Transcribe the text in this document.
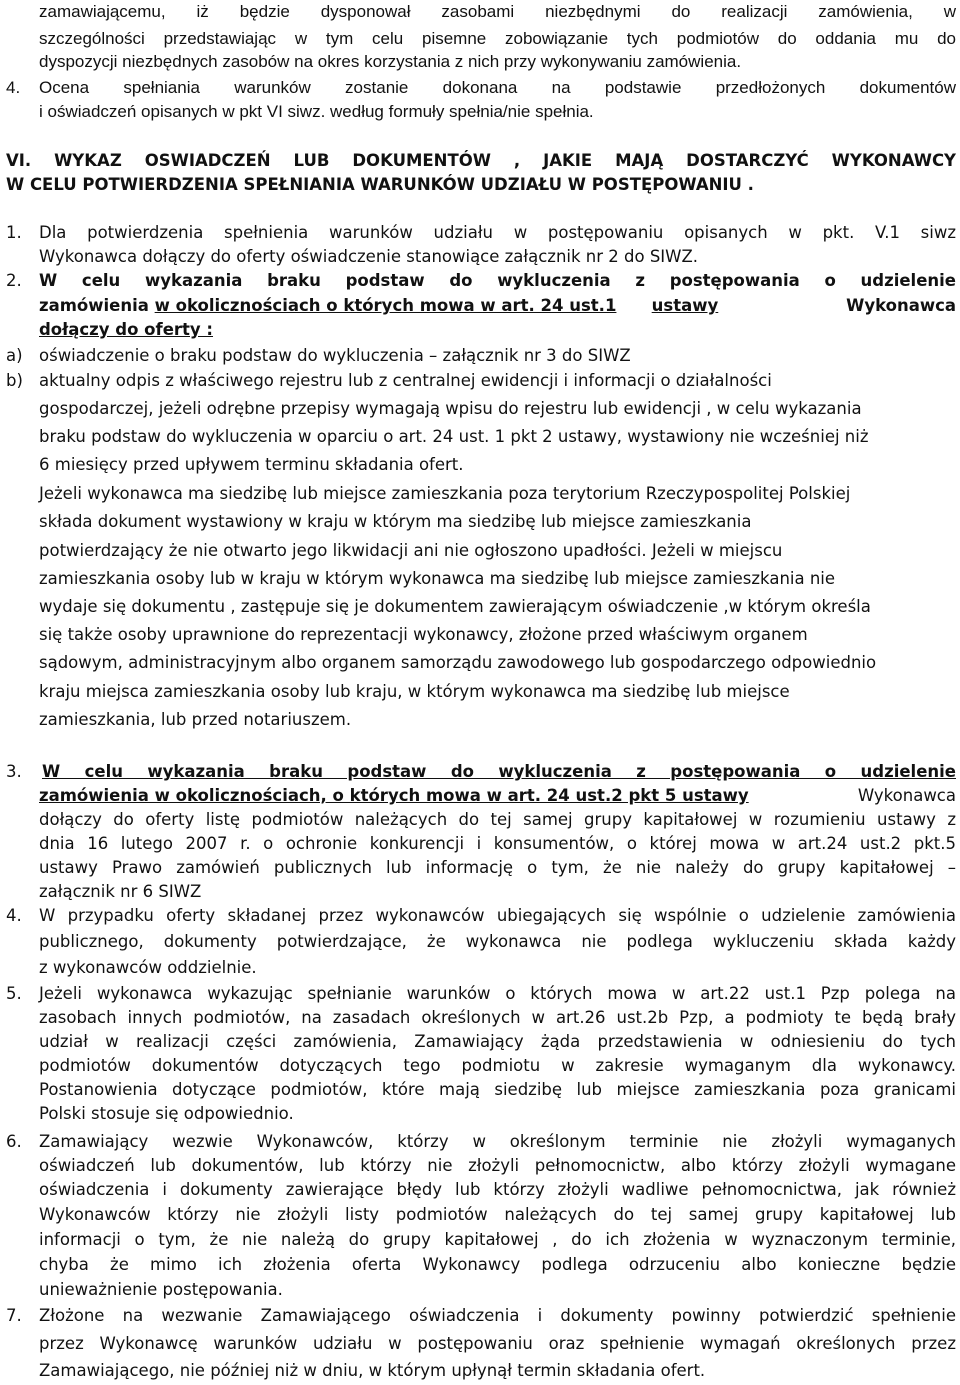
zamawiającemu, iż będzie dysponował zasobami niezbędnymi do realizacji zamówienia, w
szczególności przedstawiając w tym celu pisemne zobowiązanie tych podmiotów do oddania mu do
dyspozycji niezbędnych zasobów na okres korzystania z nich przy wykonywaniu zamówienia.
4. Ocena spełniania warunków zostanie dokonana na podstawie przedłożonych dokumentów
i oświadczeń opisanych w pkt VI siwz. według formuły spełnia/nie spełnia.
VI. WYKAZ OSWIADCZEŃ LUB DOKUMENTÓW , JAKIE MAJĄ DOSTARCZYĆ WYKONAWCY
W CELU POTWIERDZENIA SPEŁNIANIA WARUNKÓW UDZIAŁU W POSTĘPOWANIU .
1. Dla potwierdzenia spełnienia warunków udziału w postępowaniu opisanych w pkt. V.1 siwz
Wykonawca dołączy do oferty oświadczenie stanowiące załącznik nr 2 do SIWZ.
2. W celu wykazania braku podstaw do wykluczenia z postępowania o udzielenie
zamówienia w okolicznościach o których mowa w art. 24 ust.1
ustawy	Wykonawca
dołączy do oferty :
a) oświadczenie o braku podstaw do wykluczenia – załącznik nr 3 do SIWZ
b) aktualny odpis z właściwego rejestru lub z centralnej ewidencji i informacji o działalności
gospodarczej, jeżeli odrębne przepisy wymagają wpisu do rejestru lub ewidencji , w celu wykazania
braku podstaw do wykluczenia w oparciu o art. 24 ust. 1 pkt 2 ustawy, wystawiony nie wcześniej niż
6 miesięcy przed upływem terminu składania ofert.
Jeżeli wykonawca ma siedzibę lub miejsce zamieszkania poza terytorium Rzeczypospolitej Polskiej
składa dokument wystawiony w kraju w którym ma siedzibę lub miejsce zamieszkania
potwierdzający że nie otwarto jego likwidacji ani nie ogłoszono upadłości. Jeżeli w miejscu
zamieszkania osoby lub w kraju w którym wykonawca ma siedzibę lub miejsce zamieszkania nie
wydaje się dokumentu , zastępuje się je dokumentem zawierającym oświadczenie ,w którym określa
się także osoby uprawnione do reprezentacji wykonawcy, złożone przed właściwym organem
sądowym, administracyjnym albo organem samorządu zawodowego lub gospodarczego odpowiednio
kraju miejsca zamieszkania osoby lub kraju, w którym wykonawca ma siedzibę lub miejsce
zamieszkania, lub przed notariuszem.
3. W celu wykazania braku podstaw do wykluczenia z postępowania o udzielenie
zamówienia w okolicznościach, o których mowa w art. 24 ust.2 pkt 5 ustawy	Wykonawca
dołączy do oferty listę podmiotów należących do tej samej grupy kapitałowej w rozumieniu ustawy z
dnia 16 lutego 2007 r. o ochronie konkurencji i konsumentów, o której mowa w art.24 ust.2 pkt.5
ustawy Prawo zamówień publicznych lub informację o tym, że nie należy do grupy kapitałowej –
załącznik nr 6 SIWZ
4. W przypadku oferty składanej przez wykonawców ubiegających się wspólnie o udzielenie zamówienia
publicznego, dokumenty potwierdzające, że wykonawca nie podlega wykluczeniu składa każdy
z wykonawców oddzielnie.
5. Jeżeli wykonawca wykazując spełnianie warunków o których mowa w art.22 ust.1 Pzp polega na
zasobach innych podmiotów, na zasadach określonych w art.26 ust.2b Pzp, a podmioty te będą brały
udział w realizacji części zamówienia, Zamawiający żąda przedstawienia w odniesieniu do tych
podmiotów dokumentów dotyczących tego podmiotu w zakresie wymaganym dla wykonawcy.
Postanowienia dotyczące podmiotów, które mają siedzibę lub miejsce zamieszkania poza granicami
Polski stosuje się odpowiednio.
6. Zamawiający wezwie Wykonawców, którzy w określonym terminie nie złożyli wymaganych
oświadczeń lub dokumentów, lub którzy nie złożyli pełnomocnictw, albo którzy złożyli wymagane
oświadczenia i dokumenty zawierające błędy lub którzy złożyli wadliwe pełnomocnictwa, jak również
Wykonawców którzy nie złożyli listy podmiotów należących do tej samej grupy kapitałowej lub
informacji o tym, że nie należą do grupy kapitałowej , do ich złożenia w wyznaczonym terminie,
chyba że mimo ich złożenia oferta Wykonawcy podlega odrzuceniu albo konieczne będzie
unieważnienie postępowania.
7. Złożone na wezwanie Zamawiającego oświadczenia i dokumenty powinny potwierdzić spełnienie
przez Wykonawcę warunków udziału w postępowaniu oraz spełnienie wymagań określonych przez
Zamawiającego, nie później niż w dniu, w którym upłynął termin składania ofert.
